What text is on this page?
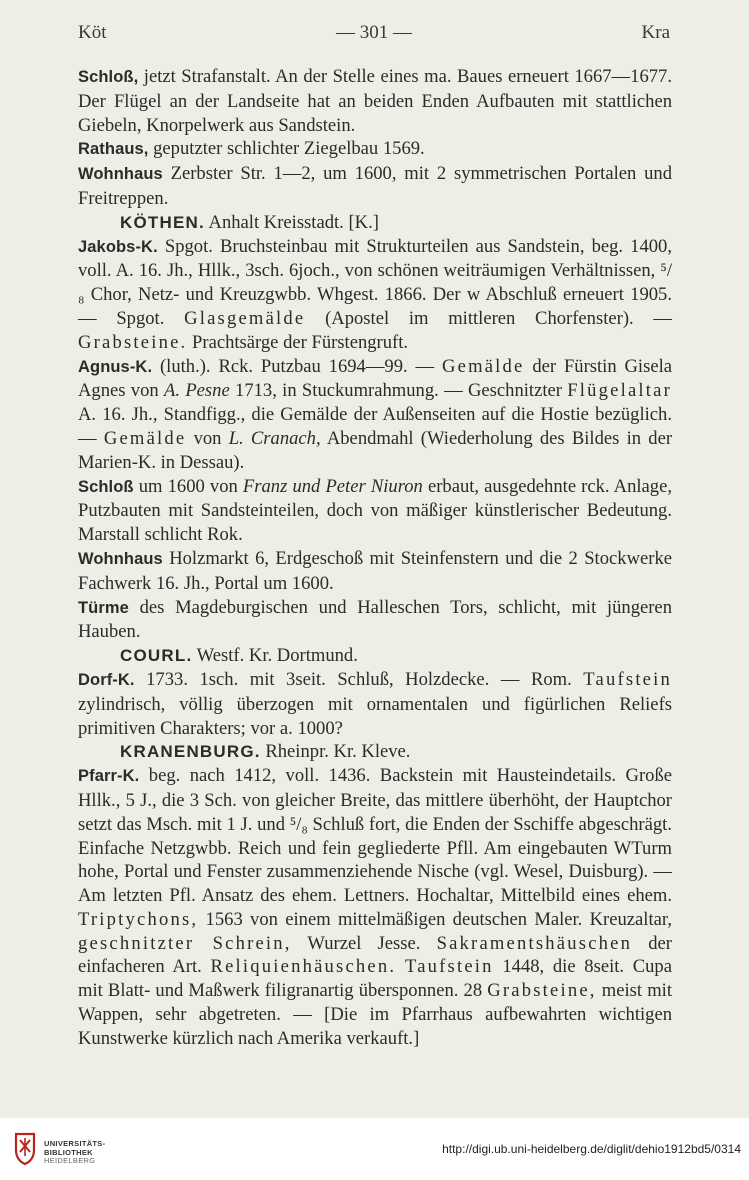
Köt	— 301 —	Kra

Schloß, jetzt Strafanstalt. An der Stelle eines ma. Baues erneuert 1667—1677. Der Flügel an der Landseite hat an beiden Enden Aufbauten mit stattlichen Giebeln, Knorpelwerk aus Sandstein.

Rathaus, geputzter schlichter Ziegelbau 1569.

Wohnhaus Zerbster Str. 1—2, um 1600, mit 2 symmetrischen Portalen und Freitreppen.

KÖTHEN. Anhalt Kreisstadt. [K.]

Jakobs-K. Spgot. Bruchsteinbau mit Strukturteilen aus Sandstein, beg. 1400, voll. A. 16. Jh., Hllk., 3sch. 6joch., von schönen weiträumigen Verhältnissen, ⁵/₈ Chor, Netz- und Kreuzgwbb. Whgest. 1866. Der w Abschluß erneuert 1905. — Spgot. Glasgemälde (Apostel im mittleren Chorfenster). — Grabsteine. Prachtsärge der Fürstengruft.

Agnus-K. (luth.). Rck. Putzbau 1694—99. — Gemälde der Fürstin Gisela Agnes von A. Pesne 1713, in Stuckumrahmung. — Geschnitzter Flügelaltar A. 16. Jh., Standfigg., die Gemälde der Außenseiten auf die Hostie bezüglich. — Gemälde von L. Cranach, Abendmahl (Wiederholung des Bildes in der Marien-K. in Dessau).

Schloß um 1600 von Franz und Peter Niuron erbaut, ausgedehnte rck. Anlage, Putzbauten mit Sandsteinteilen, doch von mäßiger künstlerischer Bedeutung. Marstall schlicht Rok.

Wohnhaus Holzmarkt 6, Erdgeschoß mit Steinfenstern und die 2 Stockwerke Fachwerk 16. Jh., Portal um 1600.

Türme des Magdeburgischen und Halleschen Tors, schlicht, mit jüngeren Hauben.

COURL. Westf. Kr. Dortmund.

Dorf-K. 1733. 1sch. mit 3seit. Schluß, Holzdecke. — Rom. Taufstein zylindrisch, völlig überzogen mit ornamentalen und figürlichen Reliefs primitiven Charakters; vor a. 1000?

KRANENBURG. Rheinpr. Kr. Kleve.

Pfarr-K. beg. nach 1412, voll. 1436. Backstein mit Hausteindetails. Große Hllk., 5 J., die 3 Sch. von gleicher Breite, das mittlere überhöht, der Hauptchor setzt das Msch. mit 1 J. und ⁵/₈ Schluß fort, die Enden der Sschiffe abgeschrägt. Einfache Netzgwbb. Reich und fein gegliederte Pfll. Am eingebauten WTurm hohe, Portal und Fenster zusammenziehende Nische (vgl. Wesel, Duisburg). — Am letzten Pfl. Ansatz des ehem. Lettners. Hochaltar, Mittelbild eines ehem. Triptychons, 1563 von einem mittelmäßigen deutschen Maler. Kreuzaltar, geschnitzter Schrein, Wurzel Jesse. Sakramentshäuschen der einfacheren Art. Reliquienhäuschen. Taufstein 1448, die 8seit. Cupa mit Blatt- und Maßwerk filigranartig übersponnen. 28 Grabsteine, meist mit Wappen, sehr abgetreten. — [Die im Pfarrhaus aufbewahrten wichtigen Kunstwerke kürzlich nach Amerika verkauft.]

UNIVERSITÄTS-
BIBLIOTHEK
HEIDELBERG
http://digi.ub.uni-heidelberg.de/diglit/dehio1912bd5/0314
